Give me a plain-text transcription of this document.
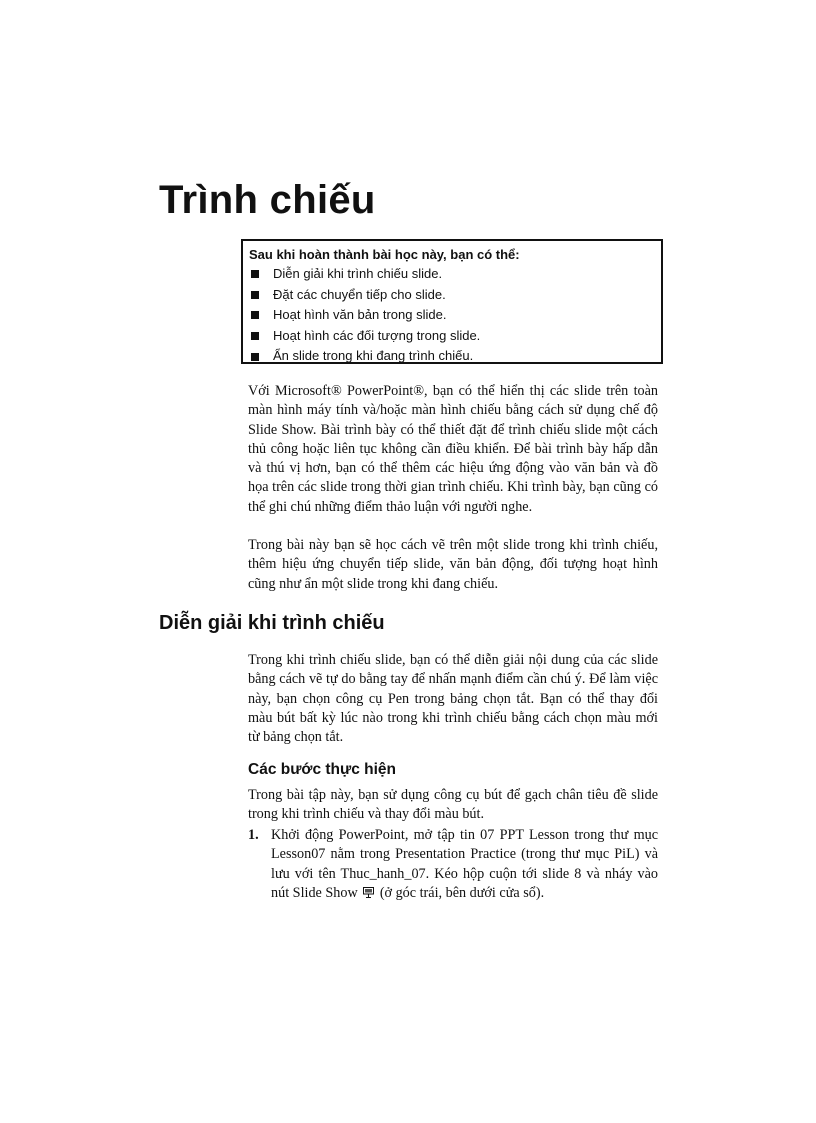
Trình chiếu
Sau khi hoàn thành bài học này, bạn có thể:
Diễn giải khi trình chiếu slide.
Đặt các chuyển tiếp cho slide.
Hoạt hình văn bản trong slide.
Hoạt hình các đối tượng trong slide.
Ẩn slide trong khi đang trình chiếu.

Với Microsoft® PowerPoint®, bạn có thể hiển thị các slide trên toàn màn hình máy tính và/hoặc màn hình chiếu bằng cách sử dụng chế độ Slide Show. Bài trình bày có thể thiết đặt để trình chiếu slide một cách thủ công hoặc liên tục không cần điều khiển. Để bài trình bày hấp dẫn và thú vị hơn, bạn có thể thêm các hiệu ứng động vào văn bản và đồ họa trên các slide trong thời gian trình chiếu. Khi trình bày, bạn cũng có thể ghi chú những điểm thảo luận với người nghe.

Trong bài này bạn sẽ học cách vẽ trên một slide trong khi trình chiếu, thêm hiệu ứng chuyển tiếp slide, văn bản động, đối tượng hoạt hình cũng như ẩn một slide trong khi đang chiếu.

Diễn giải khi trình chiếu

Trong khi trình chiếu slide, bạn có thể diễn giải nội dung của các slide bằng cách vẽ tự do bằng tay để nhấn mạnh điểm cần chú ý. Để làm việc này, bạn chọn công cụ Pen trong bảng chọn tắt. Bạn có thể thay đổi màu bút bất kỳ lúc nào trong khi trình chiếu bằng cách chọn màu mới từ bảng chọn tắt.

Các bước thực hiện

Trong bài tập này, bạn sử dụng công cụ bút để gạch chân tiêu đề slide trong khi trình chiếu và thay đổi màu bút.

1. Khởi động PowerPoint, mở tập tin 07 PPT Lesson trong thư mục Lesson07 nằm trong Presentation Practice (trong thư mục PiL) và lưu với tên Thuc_hanh_07. Kéo hộp cuộn tới slide 8 và nháy vào nút Slide Show (ở góc trái, bên dưới cửa sổ).
